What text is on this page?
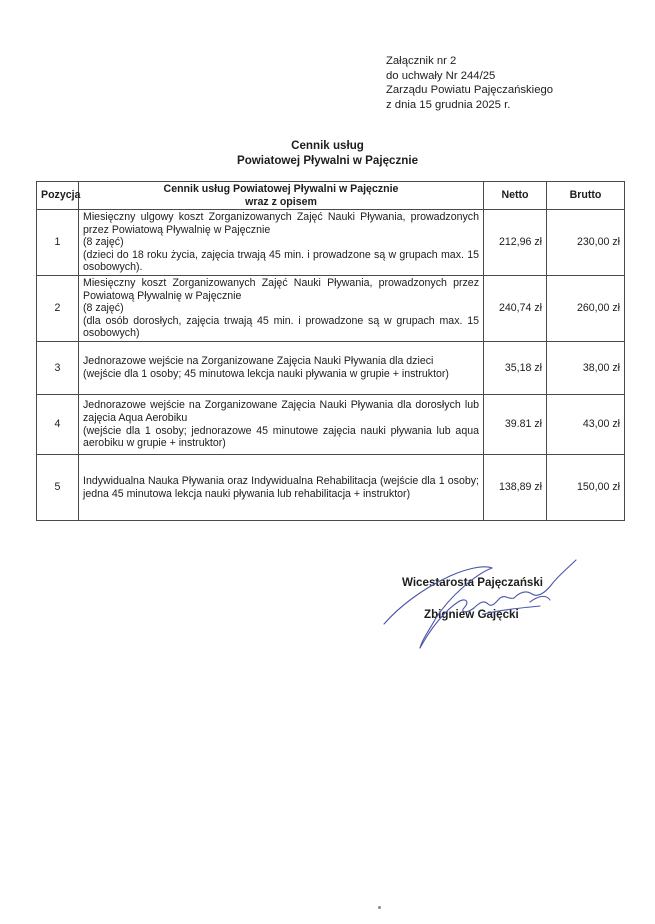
Załącznik nr 2
do uchwały Nr 244/25
Zarządu Powiatu Pajęczańskiego
z dnia 15 grudnia 2025 r.
Cennik usług
Powiatowej Pływalni w Pajęcznie
Pozycja	Cennik usług Powiatowej Pływalni w Pajęcznie
wraz z opisem	Netto	Brutto
1	Miesięczny ulgowy koszt Zorganizowanych Zajęć Nauki Pływania, prowadzonych przez Powiatową Pływalnię w Pajęcznie
(8 zajęć)
(dzieci do 18 roku życia, zajęcia trwają 45 min. i prowadzone są w grupach max. 15 osobowych).	212,96 zł	230,00 zł
2	Miesięczny koszt Zorganizowanych Zajęć Nauki Pływania, prowadzonych przez Powiatową Pływalnię w Pajęcznie
(8 zajęć)
(dla osób dorosłych, zajęcia trwają 45 min. i prowadzone są w grupach max. 15 osobowych)	240,74 zł	260,00 zł
3	Jednorazowe wejście na Zorganizowane Zajęcia Nauki Pływania dla dzieci
(wejście dla 1 osoby; 45 minutowa lekcja nauki pływania w grupie + instruktor)	35,18 zł	38,00 zł
4	Jednorazowe wejście na Zorganizowane Zajęcia Nauki Pływania dla dorosłych lub zajęcia Aqua Aerobiku
(wejście dla 1 osoby; jednorazowe 45 minutowe zajęcia nauki pływania lub aqua aerobiku w grupie + instruktor)	39.81 zł	43,00 zł
5	Indywidualna Nauka Pływania oraz Indywidualna Rehabilitacja (wejście dla 1 osoby; jedna 45 minutowa lekcja nauki pływania lub rehabilitacja + instruktor)	138,89 zł	150,00 zł
Wicestarosta Pajęczański
Zbigniew Gajęcki
